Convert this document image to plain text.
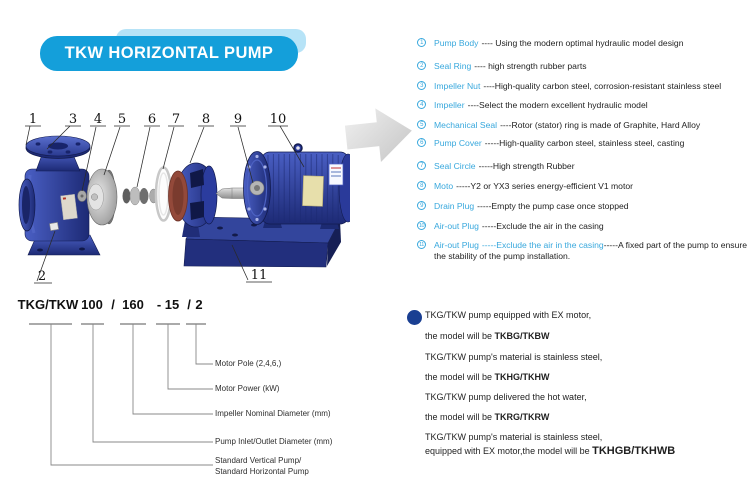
TKW HORIZONTAL PUMP
1 3 4 5 6 7 8 9 10
2	11
1	Pump Body ---- Using the modern optimal hydraulic model design
2	Seal Ring ---- high strength rubber parts
3	Impeller Nut ----High-quality carbon steel, corrosion-resistant stainless steel
4	Impeller ----Select the modern excellent hydraulic model
5	Mechanical Seal ----Rotor (stator) ring is made of Graphite, Hard Alloy
6	Pump Cover -----High-quality carbon steel, stainless steel, casting
7	Seal Circle -----High strength Rubber
8	Moto -----Y2 or YX3 series energy-efficient V1 motor
9	Drain Plug -----Empty the pump case once stopped
10 Air-out Plug -----Exclude the air in the casing
11 Air-out Plug -----Exclude the air in the casing-----A fixed part of the pump to ensure the stability of the pump installation.
TKG/TKW 100 / 160 - 15 / 2
Motor Pole (2,4,6,)
Motor Power (kW)
Impeller Nominal Diameter (mm)
Pump Inlet/Outlet Diameter (mm)
Standard Vertical Pump/
Standard Horizontal Pump
TKG/TKW pump equipped with EX motor,
the model will be TKBG/TKBW
TKG/TKW pump's material is stainless steel,
the model will be TKHG/TKHW
TKG/TKW pump delivered the hot water,
the model will be TKRG/TKRW
TKG/TKW pump's material is stainless steel,
equipped with EX motor,the model will be TKHGB/TKHWB
